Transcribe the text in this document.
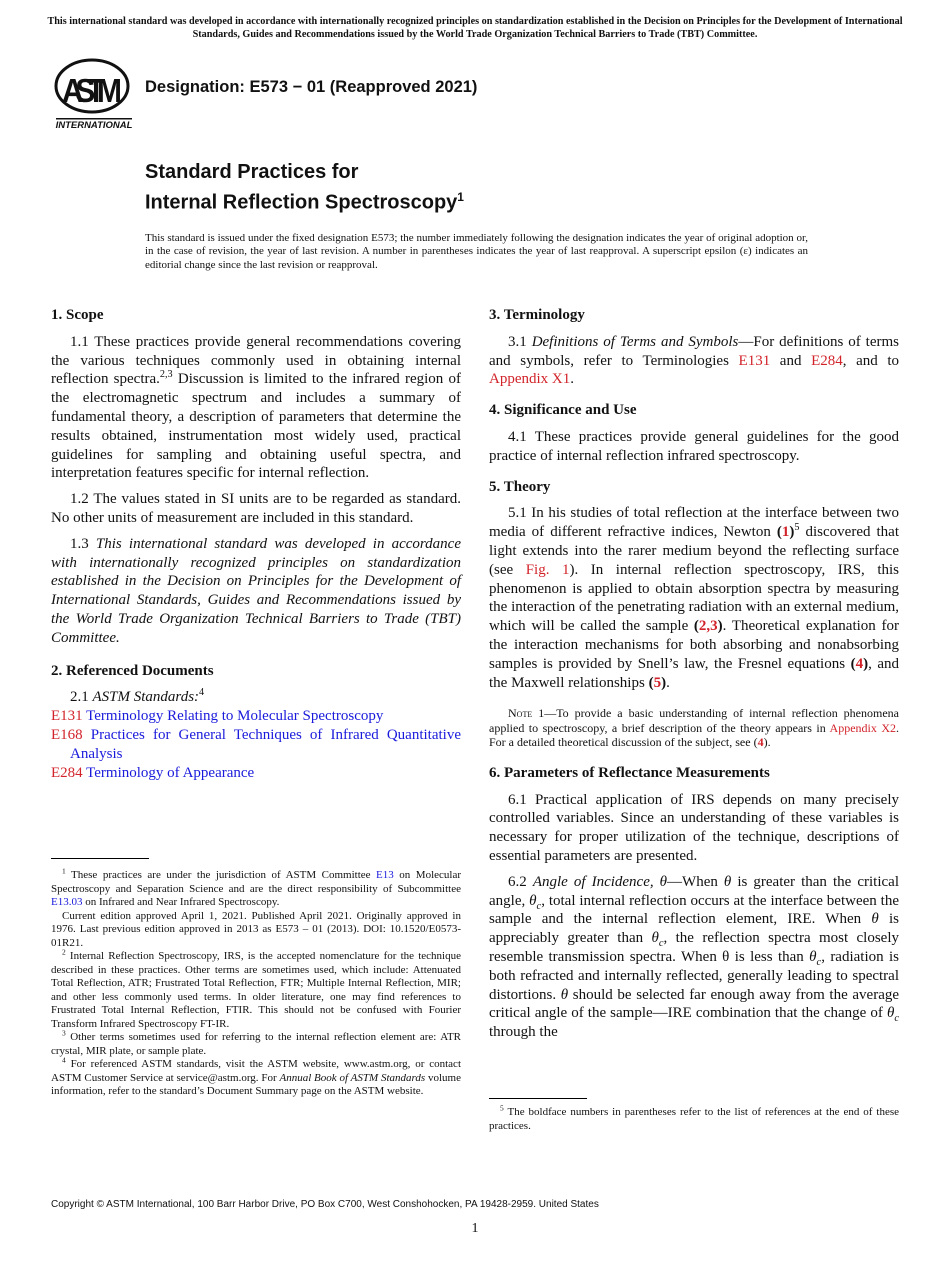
This international standard was developed in accordance with internationally recognized principles on standardization established in the Decision on Principles for the Development of International Standards, Guides and Recommendations issued by the World Trade Organization Technical Barriers to Trade (TBT) Committee.
ASTM
INTERNATIONAL
Designation: E573 − 01 (Reapproved 2021)
Standard Practices for
Internal Reflection Spectroscopy$^1$
This standard is issued under the fixed designation E573; the number immediately following the designation indicates the year of original adoption or, in the case of revision, the year of last revision. A number in parentheses indicates the year of last reapproval. A superscript epsilon (ε) indicates an editorial change since the last revision or reapproval.
1. Scope

1.1 These practices provide general recommendations covering the various techniques commonly used in obtaining internal reflection spectra.$^{2,3}$ Discussion is limited to the infrared region of the electromagnetic spectrum and includes a summary of fundamental theory, a description of parameters that determine the results obtained, instrumentation most widely used, practical guidelines for sampling and obtaining useful spectra, and interpretation features specific for internal reflection.

1.2 The values stated in SI units are to be regarded as standard. No other units of measurement are included in this standard.

1.3 This international standard was developed in accordance with internationally recognized principles on standardization established in the Decision on Principles for the Development of International Standards, Guides and Recommendations issued by the World Trade Organization Technical Barriers to Trade (TBT) Committee.

2. Referenced Documents

2.1 ASTM Standards:$^4$

E131 Terminology Relating to Molecular Spectroscopy
E168 Practices for General Techniques of Infrared Quantitative Analysis
E284 Terminology of Appearance

$^1$ These practices are under the jurisdiction of ASTM Committee E13 on Molecular Spectroscopy and Separation Science and are the direct responsibility of Subcommittee E13.03 on Infrared and Near Infrared Spectroscopy.

Current edition approved April 1, 2021. Published April 2021. Originally approved in 1976. Last previous edition approved in 2013 as E573 – 01 (2013). DOI: 10.1520/E0573-01R21.

$^2$ Internal Reflection Spectroscopy, IRS, is the accepted nomenclature for the technique described in these practices. Other terms are sometimes used, which include: Attenuated Total Reflection, ATR; Frustrated Total Reflection, FTR; Multiple Internal Reflection, MIR; and other less commonly used terms. In older literature, one may find references to Frustrated Total Internal Reflection, FTIR. This should not be confused with Fourier Transform Infrared Spectroscopy FT-IR.

$^3$ Other terms sometimes used for referring to the internal reflection element are: ATR crystal, MIR plate, or sample plate.

$^4$ For referenced ASTM standards, visit the ASTM website, www.astm.org, or contact ASTM Customer Service at service@astm.org. For Annual Book of ASTM Standards volume information, refer to the standard’s Document Summary page on the ASTM website.

3. Terminology

3.1 Definitions of Terms and Symbols—For definitions of terms and symbols, refer to Terminologies E131 and E284, and to Appendix X1.

4. Significance and Use

4.1 These practices provide general guidelines for the good practice of internal reflection infrared spectroscopy.

5. Theory

5.1 In his studies of total reflection at the interface between two media of different refractive indices, Newton $(1)^5$ discovered that light extends into the rarer medium beyond the reflecting surface (see Fig. 1). In internal reflection spectroscopy, IRS, this phenomenon is applied to obtain absorption spectra by measuring the interaction of the penetrating radiation with an external medium, which will be called the sample (2,3). Theoretical explanation for the interaction mechanisms for both absorbing and nonabsorbing samples is provided by Snell’s law, the Fresnel equations (4), and the Maxwell relationships (5).

Note 1—To provide a basic understanding of internal reflection phenomena applied to spectroscopy, a brief description of the theory appears in Appendix X2. For a detailed theoretical discussion of the subject, see (4).
6. Parameters of Reflectance Measurements

6.1 Practical application of IRS depends on many precisely controlled variables. Since an understanding of these variables is necessary for proper utilization of the technique, descriptions of essential parameters are presented.

6.2 Angle of Incidence, θ—When θ is greater than the critical angle, $\theta_c$, total internal reflection occurs at the interface between the sample and the internal reflection element, IRE. When θ is appreciably greater than $\theta_c$, the reflection spectra most closely resemble transmission spectra. When θ is less than $\theta_c$, radiation is both refracted and internally reflected, generally leading to spectral distortions. θ should be selected far enough away from the average critical angle of the sample—IRE combination that the change of $\theta_c$ through the

$^5$ The boldface numbers in parentheses refer to the list of references at the end of these practices.

Copyright © ASTM International, 100 Barr Harbor Drive, PO Box C700, West Conshohocken, PA 19428-2959. United States
1
